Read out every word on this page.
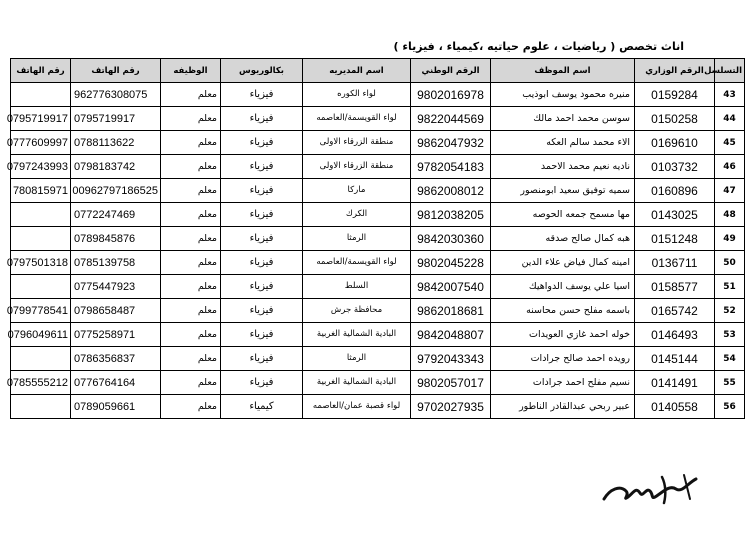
اناث تخصص ( رياضيات ، علوم حياتيه ،كيمياء ، فيزياء )
التسلسل	الرقم الوزاري	اسم الموظف	الرقم الوطني	اسم المديريه	بكالوريوس	الوظيفه	رقم الهاتف	رقم الهاتف
43	0159284	منيره محمود يوسف ابوذيب	9802016978	لواء الكوره	فيزياء	معلم	962776308075	
44	0150258	سوسن محمد احمد مالك	9822044569	لواء القويسمة/العاصمه	فيزياء	معلم	0795719917	0795719917
45	0169610	الاء محمد سالم العكه	9862047932	منطقة الزرقاء الاولى	فيزياء	معلم	0788113622	0777609997
46	0103732	ناديه نعيم محمد الاحمد	9782054183	منطقة الزرقاء الاولى	فيزياء	معلم	0798183742	0797243993
47	0160896	سميه توفيق سعيد ابومنصور	9862008012	ماركا	فيزياء	معلم	00962797186525	780815971
48	0143025	مها مسمح جمعه الحوصه	9812038205	الكرك	فيزياء	معلم	0772247469	
49	0151248	هبه كمال صالح صدقه	9842030360	الرمثا	فيزياء	معلم	0789845876	
50	0136711	امينه كمال فياض علاء الدين	9802045228	لواء القويسمة/العاصمه	فيزياء	معلم	0785139758	0797501318
51	0158577	اسيا علي يوسف الدواهيك	9842007540	السلط	فيزياء	معلم	0775447923	
52	0165742	باسمه مفلح حسن محاسنه	9862018681	محافظة جرش	فيزياء	معلم	0798658487	0799778541
53	0146493	خوله احمد غازي العويدات	9842048807	البادية الشمالية الغربية	فيزياء	معلم	0775258971	0796049611
54	0145144	رويده احمد صالح جرادات	9792043343	الرمثا	فيزياء	معلم	0786356837	
55	0141491	نسيم مفلح احمد جرادات	9802057017	البادية الشمالية الغربية	فيزياء	معلم	0776764164	0785555212
56	0140558	عبير ربحي عبدالقادر الناطور	9702027935	لواء قصبة عمان/العاصمه	كيمياء	معلم	0789059661	
